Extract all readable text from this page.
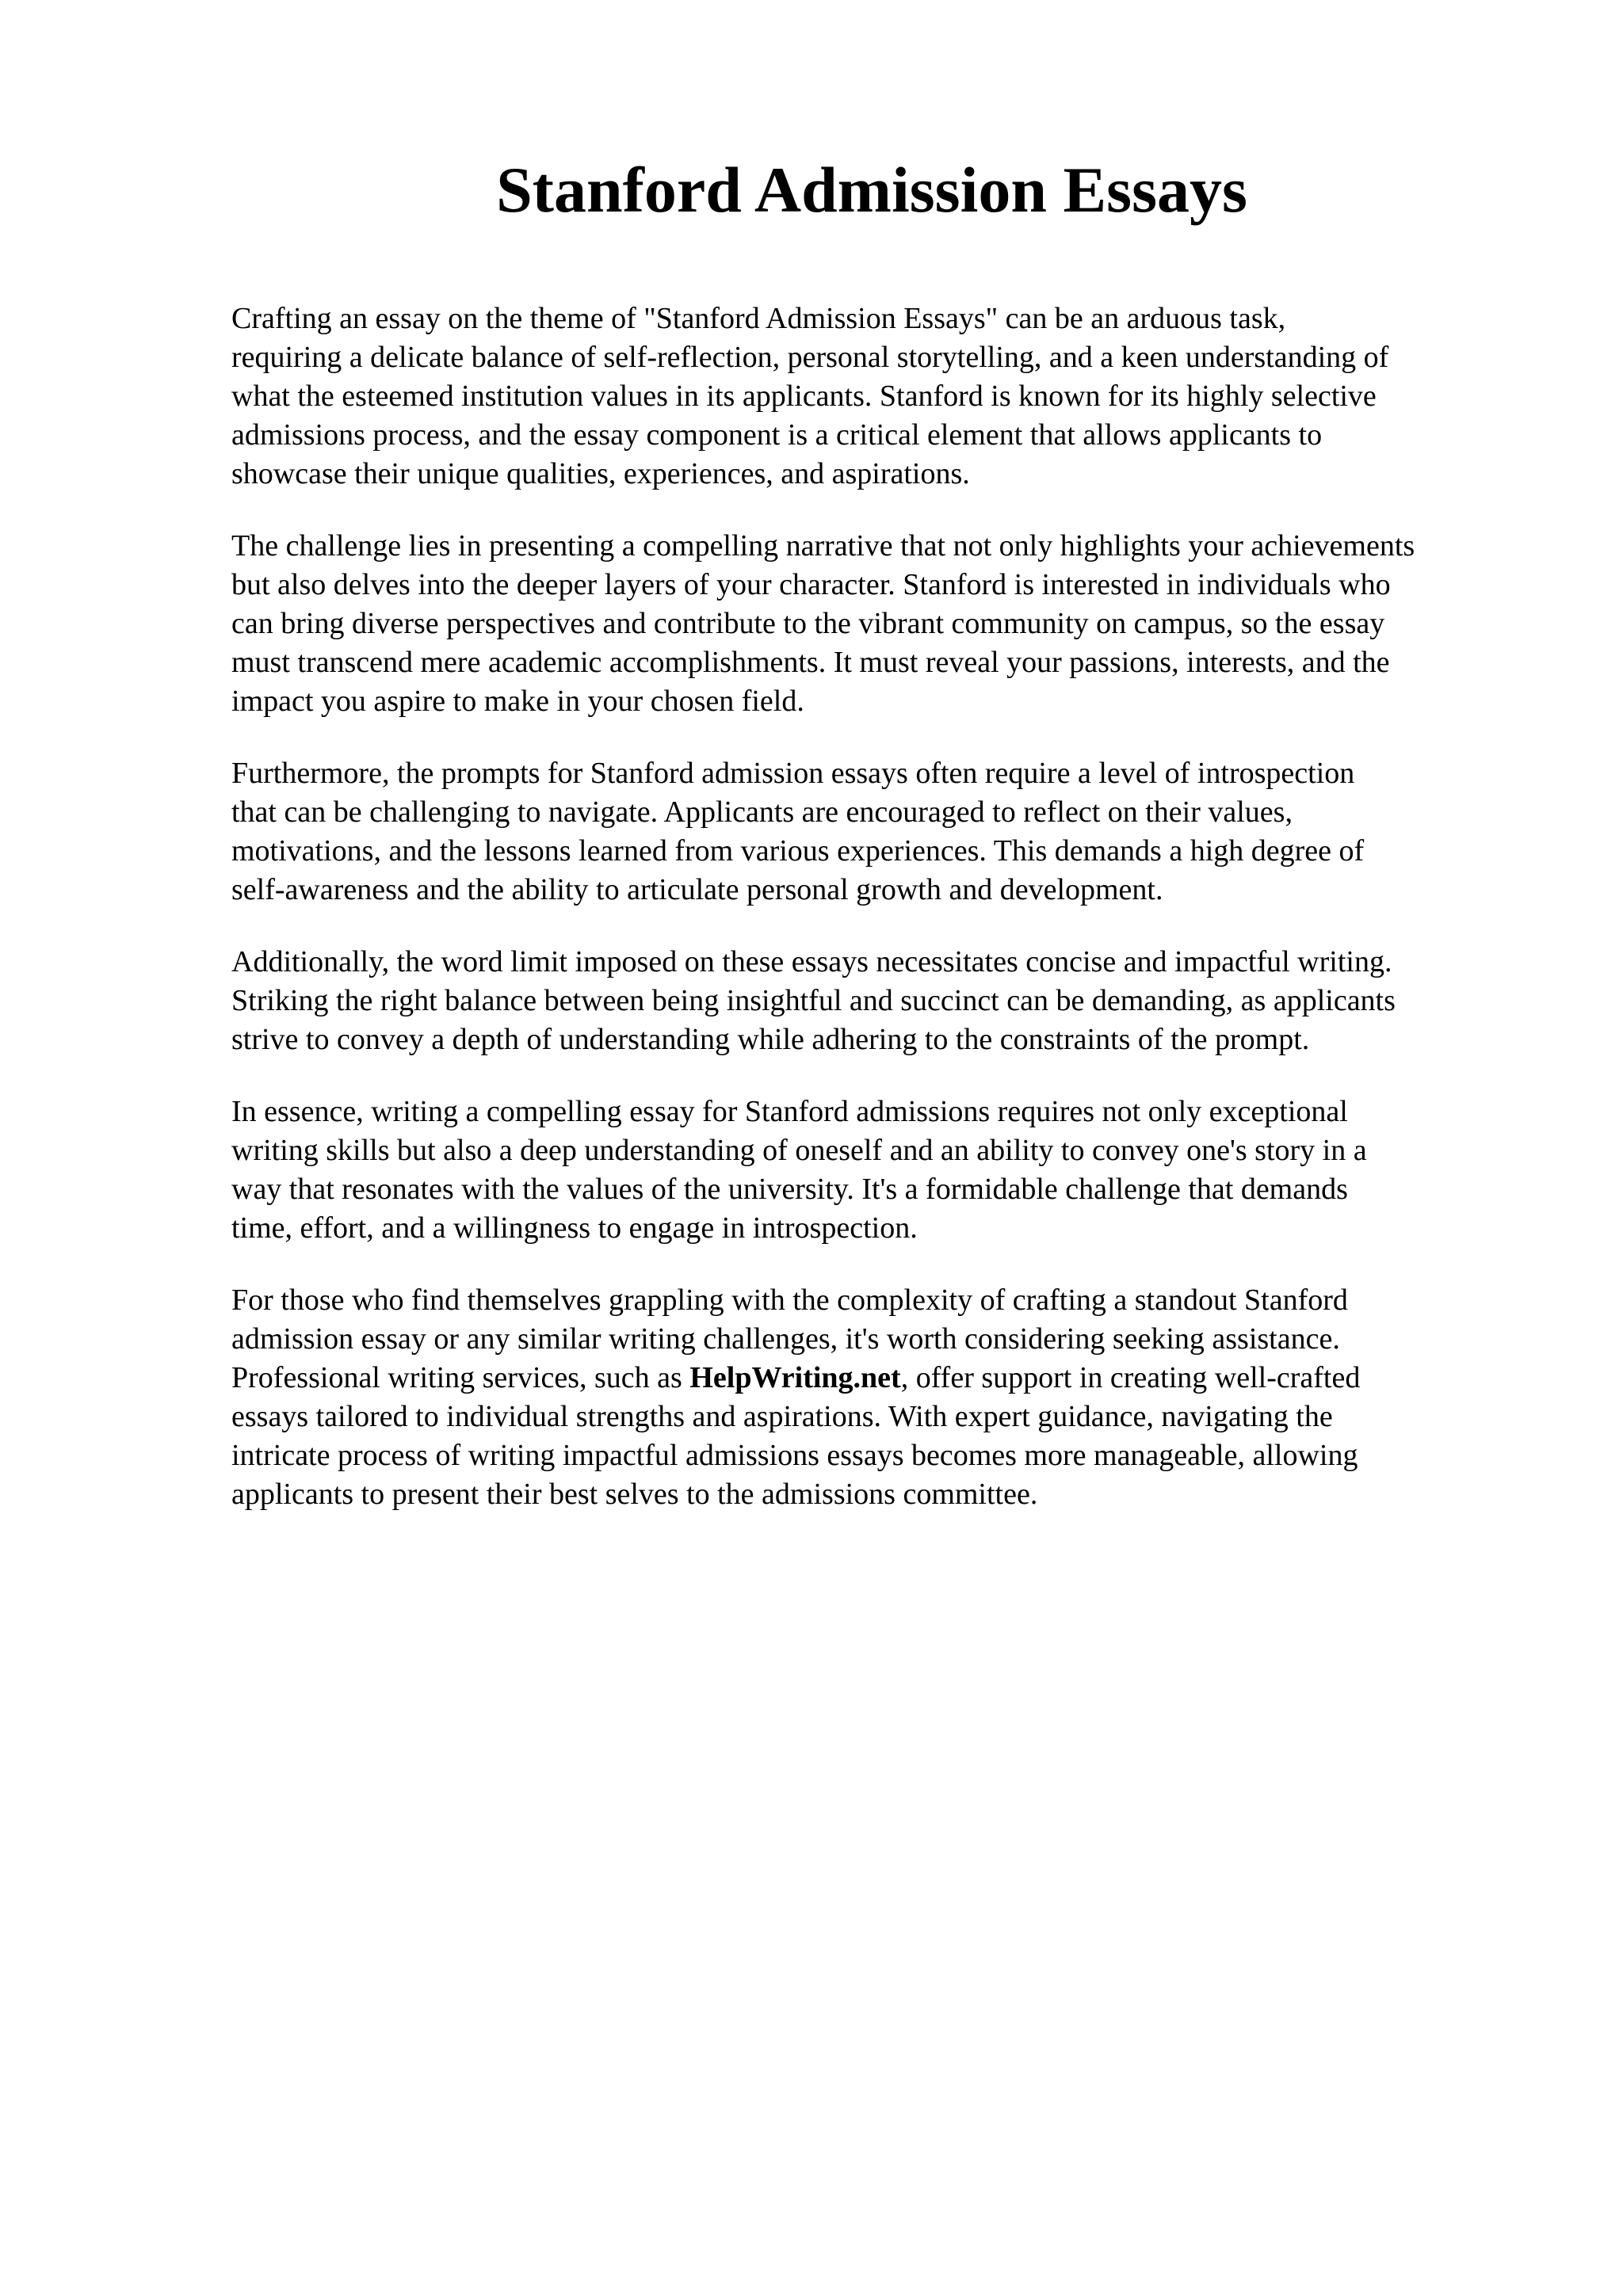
Stanford Admission Essays

Crafting an essay on the theme of "Stanford Admission Essays" can be an arduous task,
requiring a delicate balance of self-reflection, personal storytelling, and a keen understanding of
what the esteemed institution values in its applicants. Stanford is known for its highly selective
admissions process, and the essay component is a critical element that allows applicants to
showcase their unique qualities, experiences, and aspirations.

The challenge lies in presenting a compelling narrative that not only highlights your achievements
but also delves into the deeper layers of your character. Stanford is interested in individuals who
can bring diverse perspectives and contribute to the vibrant community on campus, so the essay
must transcend mere academic accomplishments. It must reveal your passions, interests, and the
impact you aspire to make in your chosen field.

Furthermore, the prompts for Stanford admission essays often require a level of introspection
that can be challenging to navigate. Applicants are encouraged to reflect on their values,
motivations, and the lessons learned from various experiences. This demands a high degree of
self-awareness and the ability to articulate personal growth and development.

Additionally, the word limit imposed on these essays necessitates concise and impactful writing.
Striking the right balance between being insightful and succinct can be demanding, as applicants
strive to convey a depth of understanding while adhering to the constraints of the prompt.

In essence, writing a compelling essay for Stanford admissions requires not only exceptional
writing skills but also a deep understanding of oneself and an ability to convey one's story in a
way that resonates with the values of the university. It's a formidable challenge that demands
time, effort, and a willingness to engage in introspection.

For those who find themselves grappling with the complexity of crafting a standout Stanford
admission essay or any similar writing challenges, it's worth considering seeking assistance.
Professional writing services, such as HelpWriting.net, offer support in creating well-crafted
essays tailored to individual strengths and aspirations. With expert guidance, navigating the
intricate process of writing impactful admissions essays becomes more manageable, allowing
applicants to present their best selves to the admissions committee.
